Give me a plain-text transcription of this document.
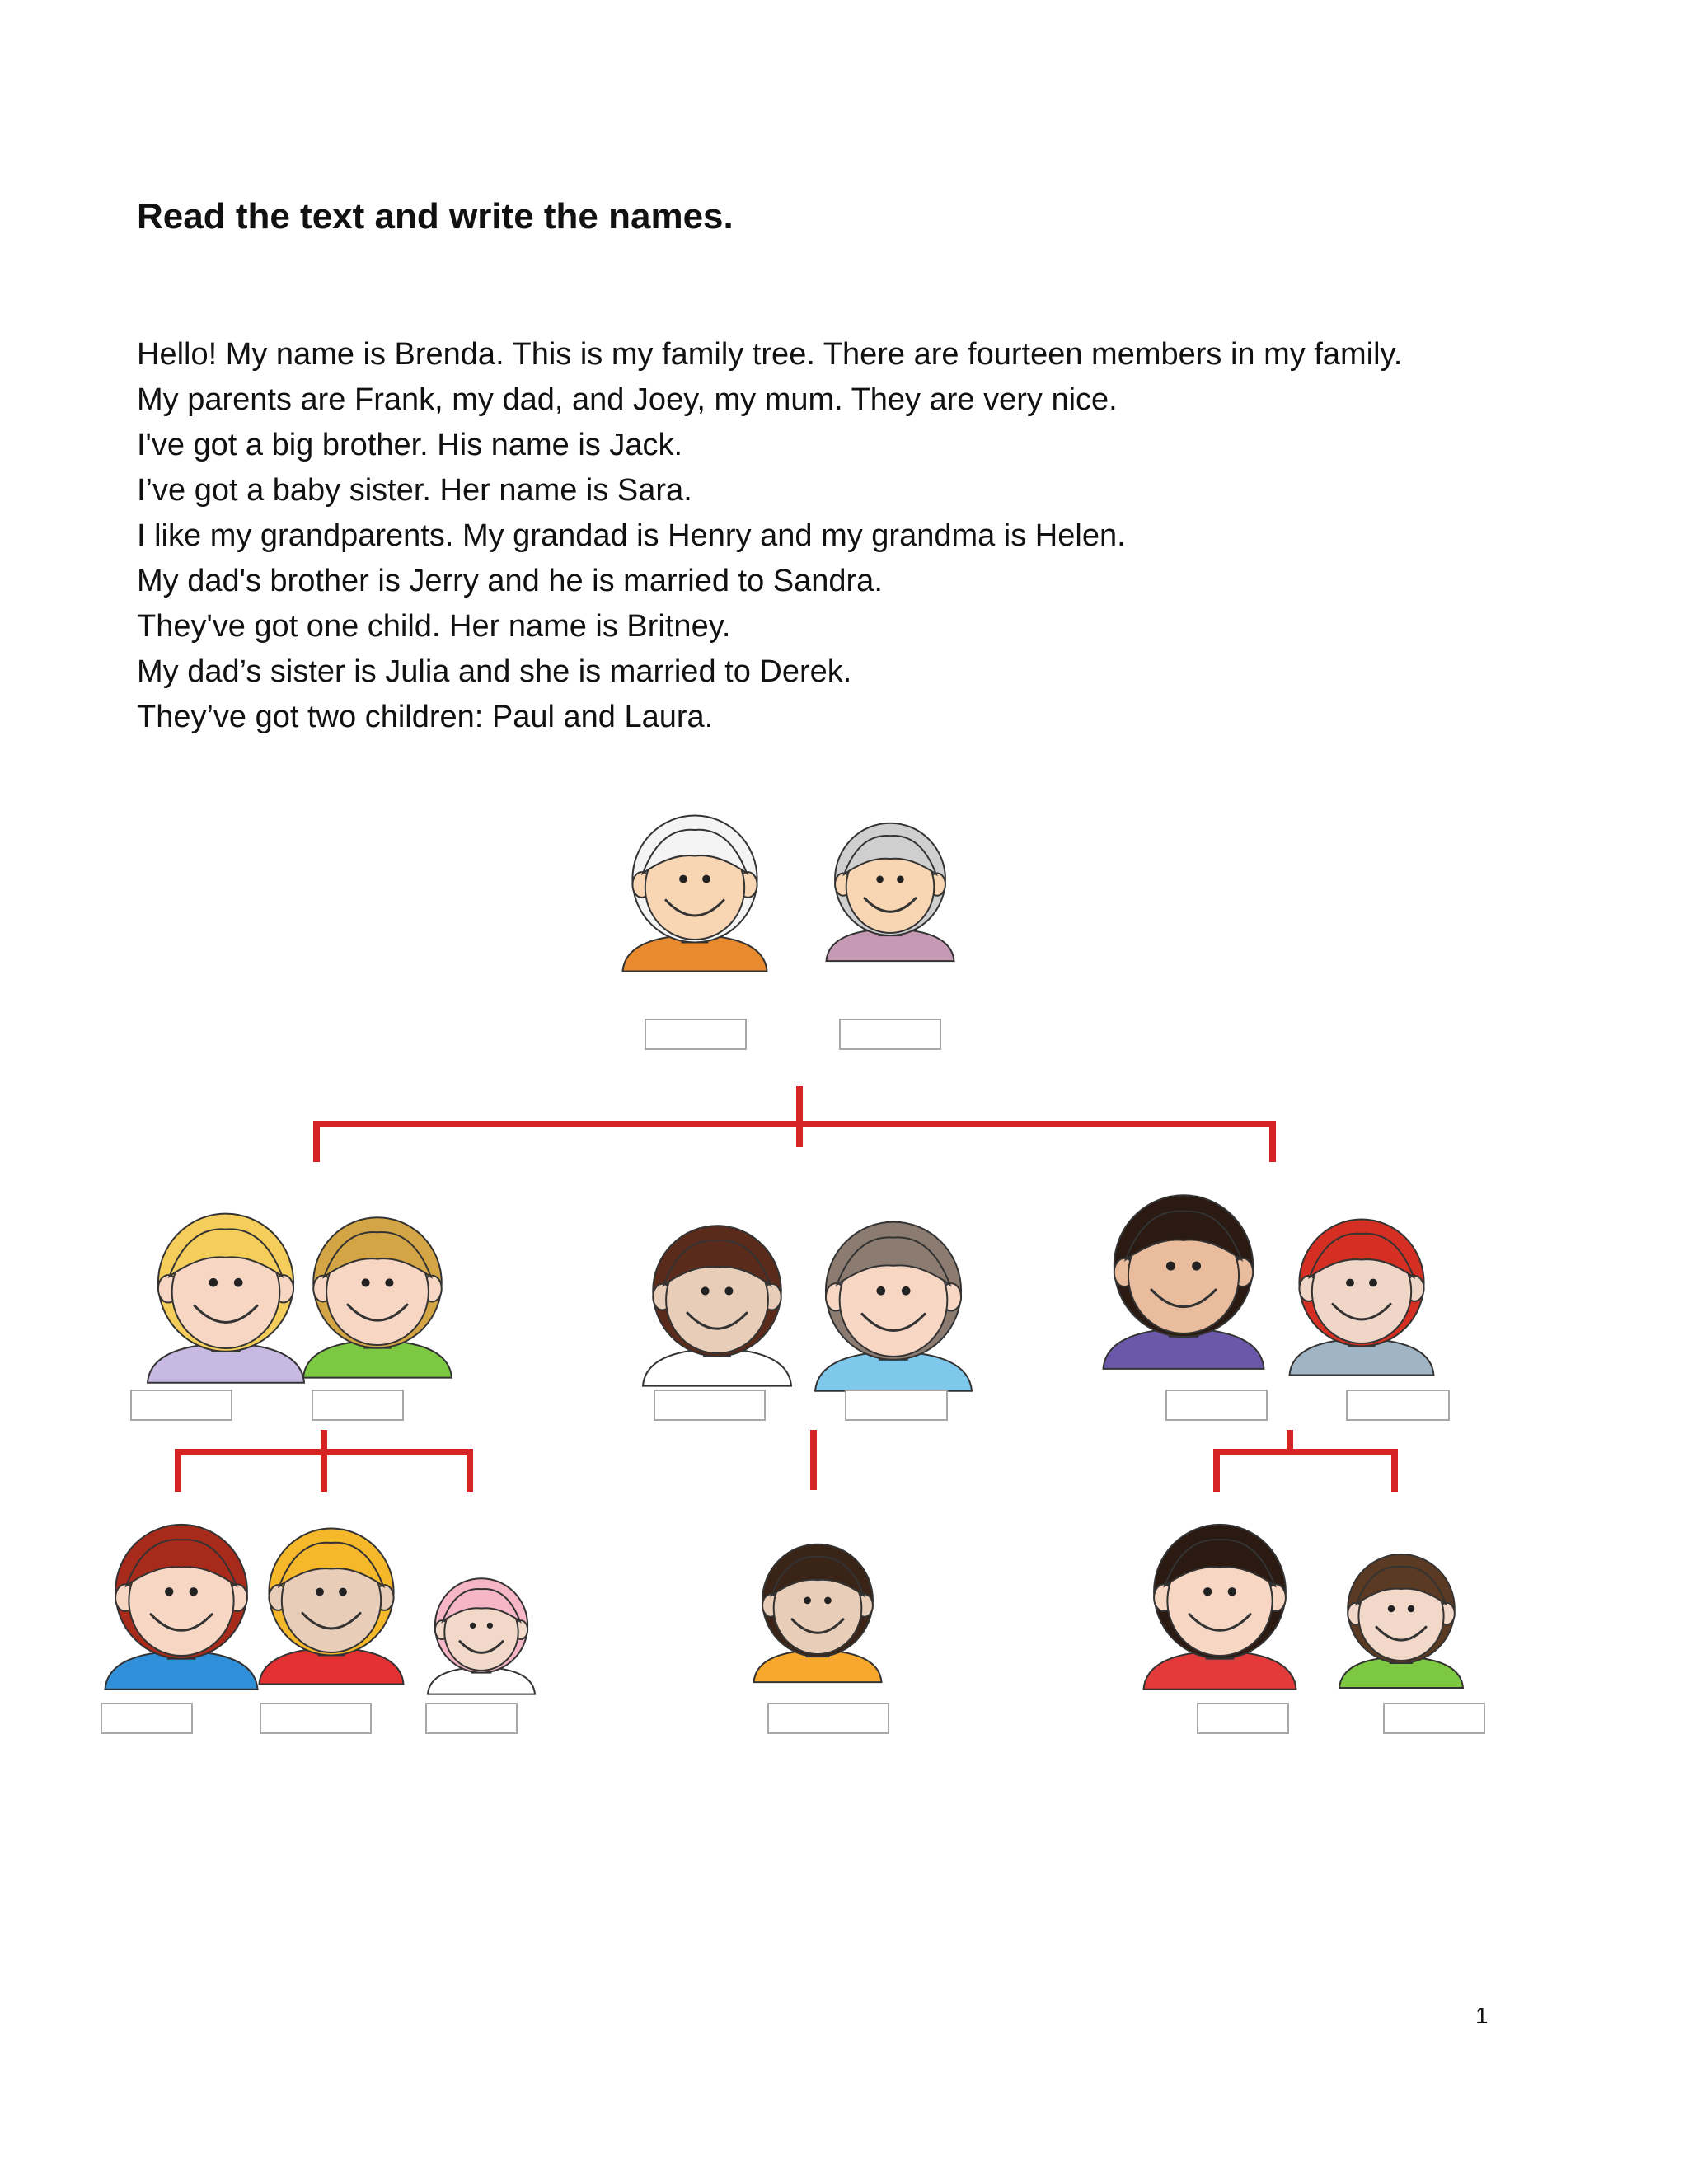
Read the text and write the names.
Hello! My name is Brenda. This is my family tree. There are fourteen members in my family.
My parents are Frank, my dad, and Joey, my mum. They are very nice.
I've got a big brother. His name is Jack.
I’ve got a baby sister. Her name is Sara.
I like my grandparents. My grandad is Henry and my grandma is Helen.
My dad's brother is Jerry and he is married to Sandra.
They've got one child. Her name is Britney.
My dad’s sister is Julia and she is married to Derek.
They’ve got two children: Paul and Laura.
1
